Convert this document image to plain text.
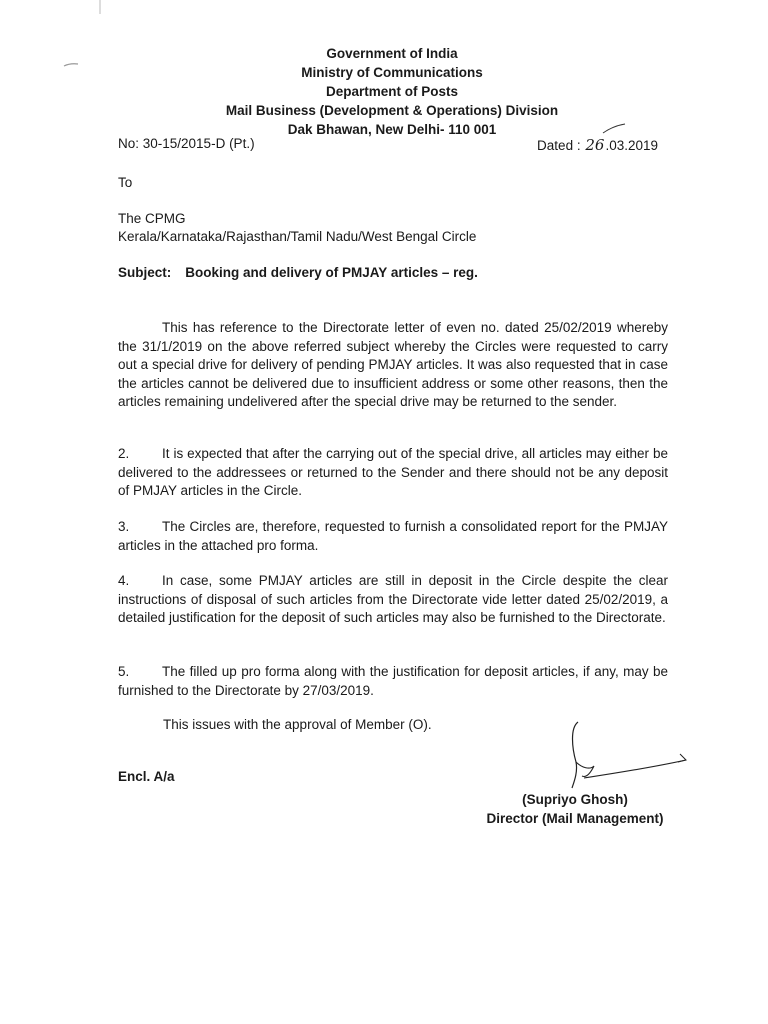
Government of India
Ministry of Communications
Department of Posts
Mail Business (Development & Operations) Division
Dak Bhawan, New Delhi- 110 001
No: 30-15/2015-D (Pt.)	Dated : 26.03.2019
To
The CPMG
Kerala/Karnataka/Rajasthan/Tamil Nadu/West Bengal Circle
Subject: Booking and delivery of PMJAY articles – reg.
This has reference to the Directorate letter of even no. dated 25/02/2019 whereby the 31/1/2019 on the above referred subject whereby the Circles were requested to carry out a special drive for delivery of pending PMJAY articles. It was also requested that in case the articles cannot be delivered due to insufficient address or some other reasons, then the articles remaining undelivered after the special drive may be returned to the sender.
2. It is expected that after the carrying out of the special drive, all articles may either be delivered to the addressees or returned to the Sender and there should not be any deposit of PMJAY articles in the Circle.
3. The Circles are, therefore, requested to furnish a consolidated report for the PMJAY articles in the attached pro forma.
4. In case, some PMJAY articles are still in deposit in the Circle despite the clear instructions of disposal of such articles from the Directorate vide letter dated 25/02/2019, a detailed justification for the deposit of such articles may also be furnished to the Directorate.
5. The filled up pro forma along with the justification for deposit articles, if any, may be furnished to the Directorate by 27/03/2019.
This issues with the approval of Member (O).
Encl. A/a
(Supriyo Ghosh)
Director (Mail Management)
